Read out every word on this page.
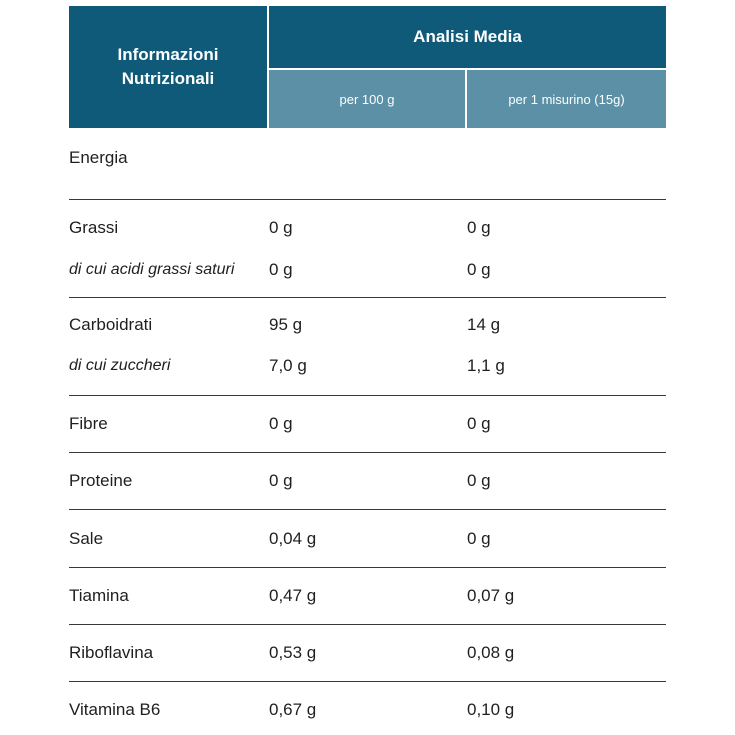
Informazioni
Nutrizionali
Analisi Media
per 100 g	per 1 misurino (15g)
Energia
Grassi	0 g	0 g
di cui acidi grassi saturi 0 g	0 g
Carboidrati	95 g	14 g
di cui zuccheri	7,0 g	1,1 g
Fibre	0 g	0 g
Proteine	0 g	0 g
Sale	0,04 g	0 g
Tiamina	0,47 g	0,07 g
Riboflavina	0,53 g	0,08 g
Vitamina B6	0,67 g	0,10 g
